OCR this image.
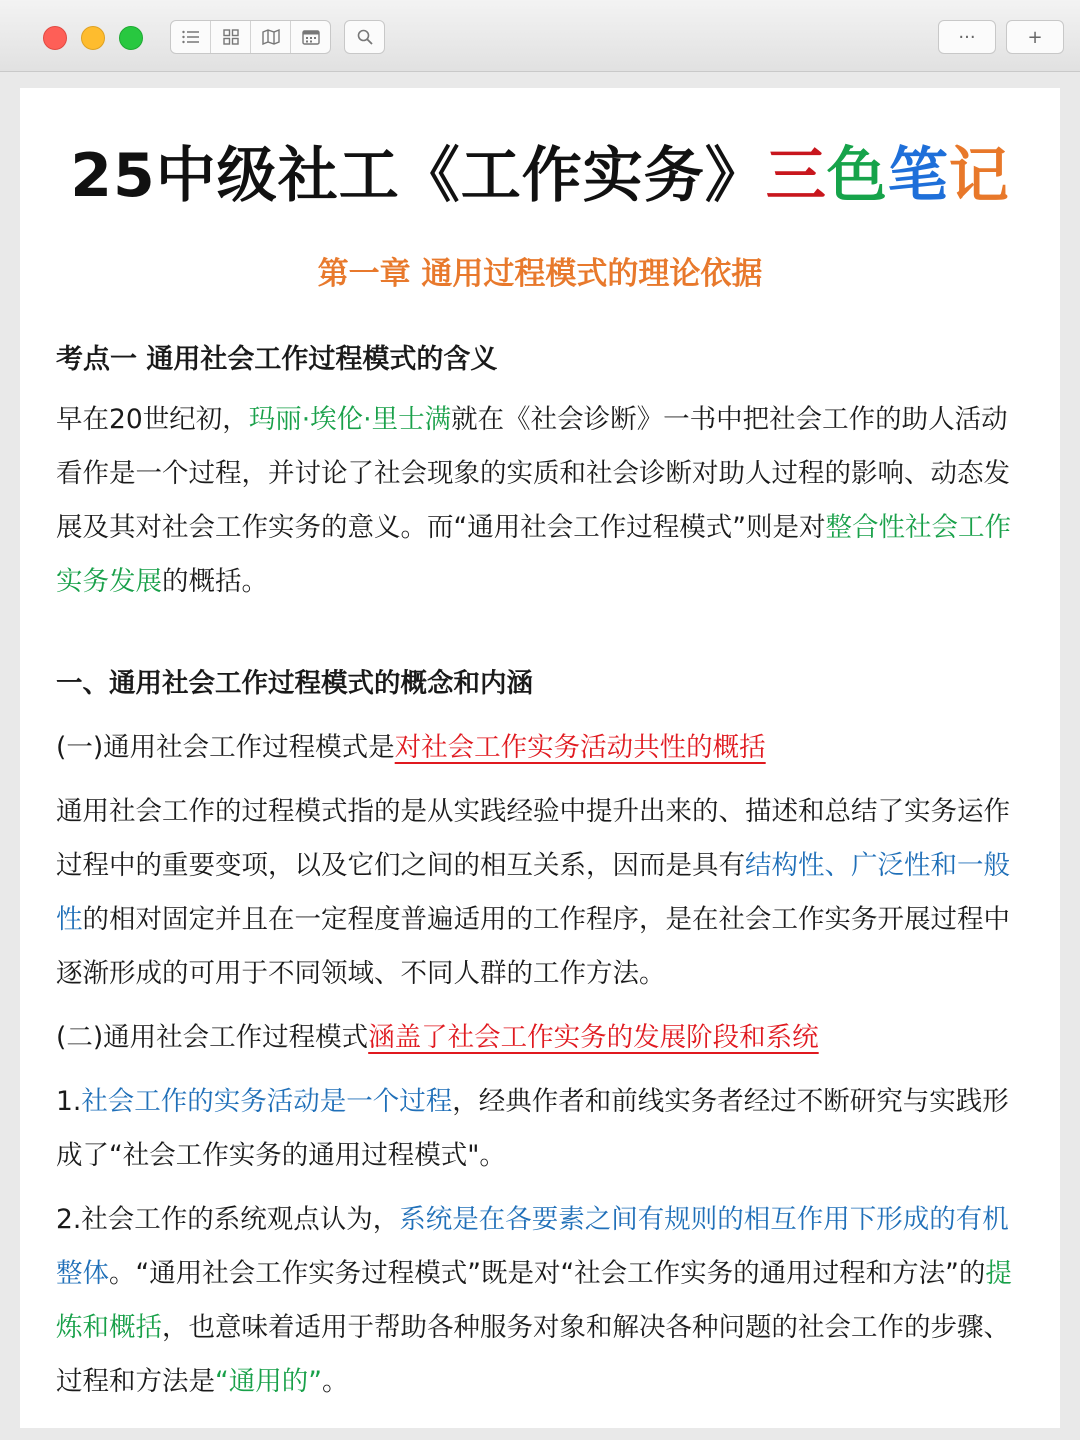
···	+
25中级社工《工作实务》三色笔记
第一章 通用过程模式的理论依据

考点一 通用社会工作过程模式的含义

早在20世纪初，玛丽·埃伦·里士满就在《社会诊断》一书中把社会工作的助人活动看作是一个过程，并讨论了社会现象的实质和社会诊断对助人过程的影响、动态发展及其对社会工作实务的意义。而“通用社会工作过程模式”则是对整合性社会工作实务发展的概括。

一、通用社会工作过程模式的概念和内涵

(一)通用社会工作过程模式是对社会工作实务活动共性的概括

通用社会工作的过程模式指的是从实践经验中提升出来的、描述和总结了实务运作过程中的重要变项，以及它们之间的相互关系，因而是具有结构性、广泛性和一般性的相对固定并且在一定程度普遍适用的工作程序，是在社会工作实务开展过程中逐渐形成的可用于不同领域、不同人群的工作方法。

(二)通用社会工作过程模式涵盖了社会工作实务的发展阶段和系统

1.社会工作的实务活动是一个过程，经典作者和前线实务者经过不断研究与实践形成了“社会工作实务的通用过程模式"。

2.社会工作的系统观点认为，系统是在各要素之间有规则的相互作用下形成的有机整体。“通用社会工作实务过程模式”既是对“社会工作实务的通用过程和方法”的提炼和概括，也意味着适用于帮助各种服务对象和解决各种问题的社会工作的步骤、过程和方法是“通用的”。
